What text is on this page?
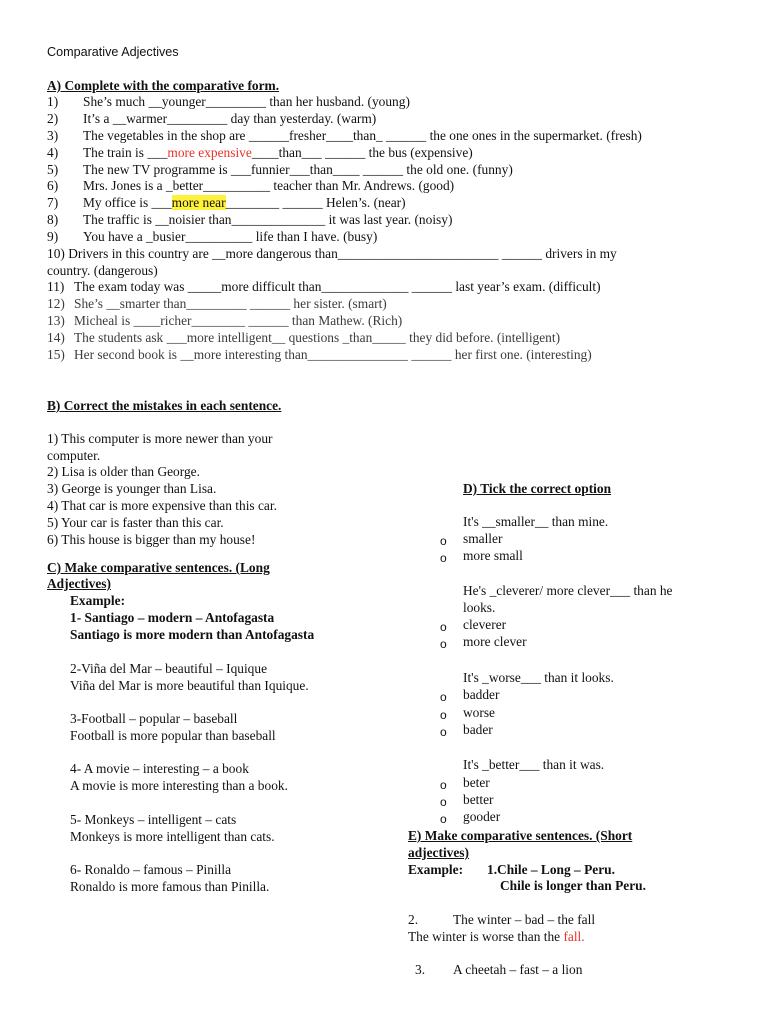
Comparative Adjectives
A) Complete with the comparative form.
1) She’s much __younger_________ than her husband. (young)
2) It’s a __warmer_________ day than yesterday. (warm)
3) The vegetables in the shop are ______fresher____than_ ______ the one ones in the supermarket. (fresh)
4) The train is ___more expensive____than___ ______ the bus (expensive)
5) The new TV programme is ___funnier___than____ ______ the old one. (funny)
6) Mrs. Jones is a _better__________ teacher than Mr. Andrews. (good)
7) My office is ___more near________ ______ Helen’s. (near)
8) The traffic is __noisier than______________ it was last year. (noisy)
9) You have a _busier__________ life than I have. (busy)
10) Drivers in this country are __more dangerous than________________________ ______ drivers in my
country. (dangerous)
11) The exam today was _____more difficult than_____________ ______ last year’s exam. (difficult)
12) She’s __smarter than_________ ______ her sister. (smart)
13) Micheal is ____richer________ ______ than Mathew. (Rich)
14) The students ask ___more intelligent__ questions _than_____ they did before. (intelligent)
15) Her second book is __more interesting than_______________ ______ her first one. (interesting)
B) Correct the mistakes in each sentence.
1) This computer is more newer than your
computer.
2) Lisa is older than George.
3) George is younger than Lisa.
4) That car is more expensive than this car.
5) Your car is faster than this car.
6) This house is bigger than my house!
C) Make comparative sentences. (Long
Adjectives)
Example:
1- Santiago – modern – Antofagasta
Santiago is more modern than Antofagasta
2-Viña del Mar – beautiful – Iquique
Viña del Mar is more beautiful than Iquique.
3-Football – popular – baseball
Football is more popular than baseball
4- A movie – interesting – a book
A movie is more interesting than a book.
5- Monkeys – intelligent – cats
Monkeys is more intelligent than cats.
6- Ronaldo – famous – Pinilla
Ronaldo is more famous than Pinilla.
D) Tick the correct option
It's __smaller__ than mine.
o smaller
o more small
He's _cleverer/ more clever___ than he
looks.
o cleverer
o more clever
It's _worse___ than it looks.
o badder
o worse
o bader
It's _better___ than it was.
o beter
o better
o gooder
E) Make comparative sentences. (Short
adjectives)
Example: 1.Chile – Long – Peru.
Chile is longer than Peru.
2.	The winter – bad – the fall
The winter is worse than the fall.
3. A cheetah – fast – a lion
